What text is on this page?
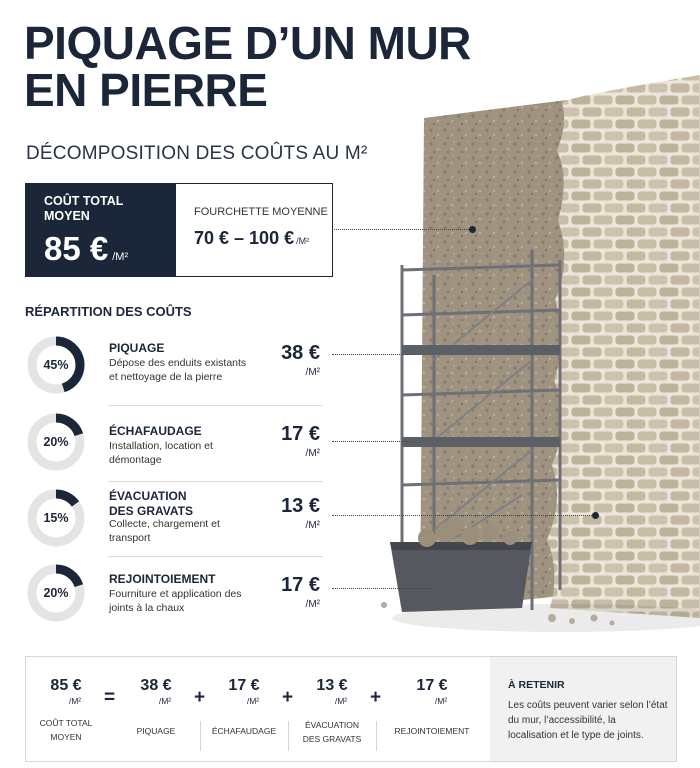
PIQUAGE D’UN MUR
EN PIERRE
DÉCOMPOSITION DES COÛTS AU M²
COÛT TOTAL MOYEN
85 € /M²
FOURCHETTE MOYENNE
70 € – 100 € /M²
RÉPARTITION DES COÛTS
45%
PIQUAGE
Dépose des enduits existants et nettoyage de la pierre
38 €
/M²
20%
ÉCHAFAUDAGE
Installation, location et démontage
17 €
/M²
15%
ÉVACUATION DES GRAVATS
Collecte, chargement et transport
13 €
/M²
20%
REJOINTOIEMENT
Fourniture et application des joints à la chaux
17 €
/M²
85 €
/M²
COÛT TOTAL MOYEN
=
38 €
/M²
PIQUAGE
+
17 €
/M²
ÉCHAFAUDAGE
+
13 €
/M²
ÉVACUATION DES GRAVATS
+
17 €
/M²
REJOINTOIEMENT
À RETENIR
Les coûts peuvent varier selon l’état du mur, l’accessibilité, la localisation et le type de joints.
